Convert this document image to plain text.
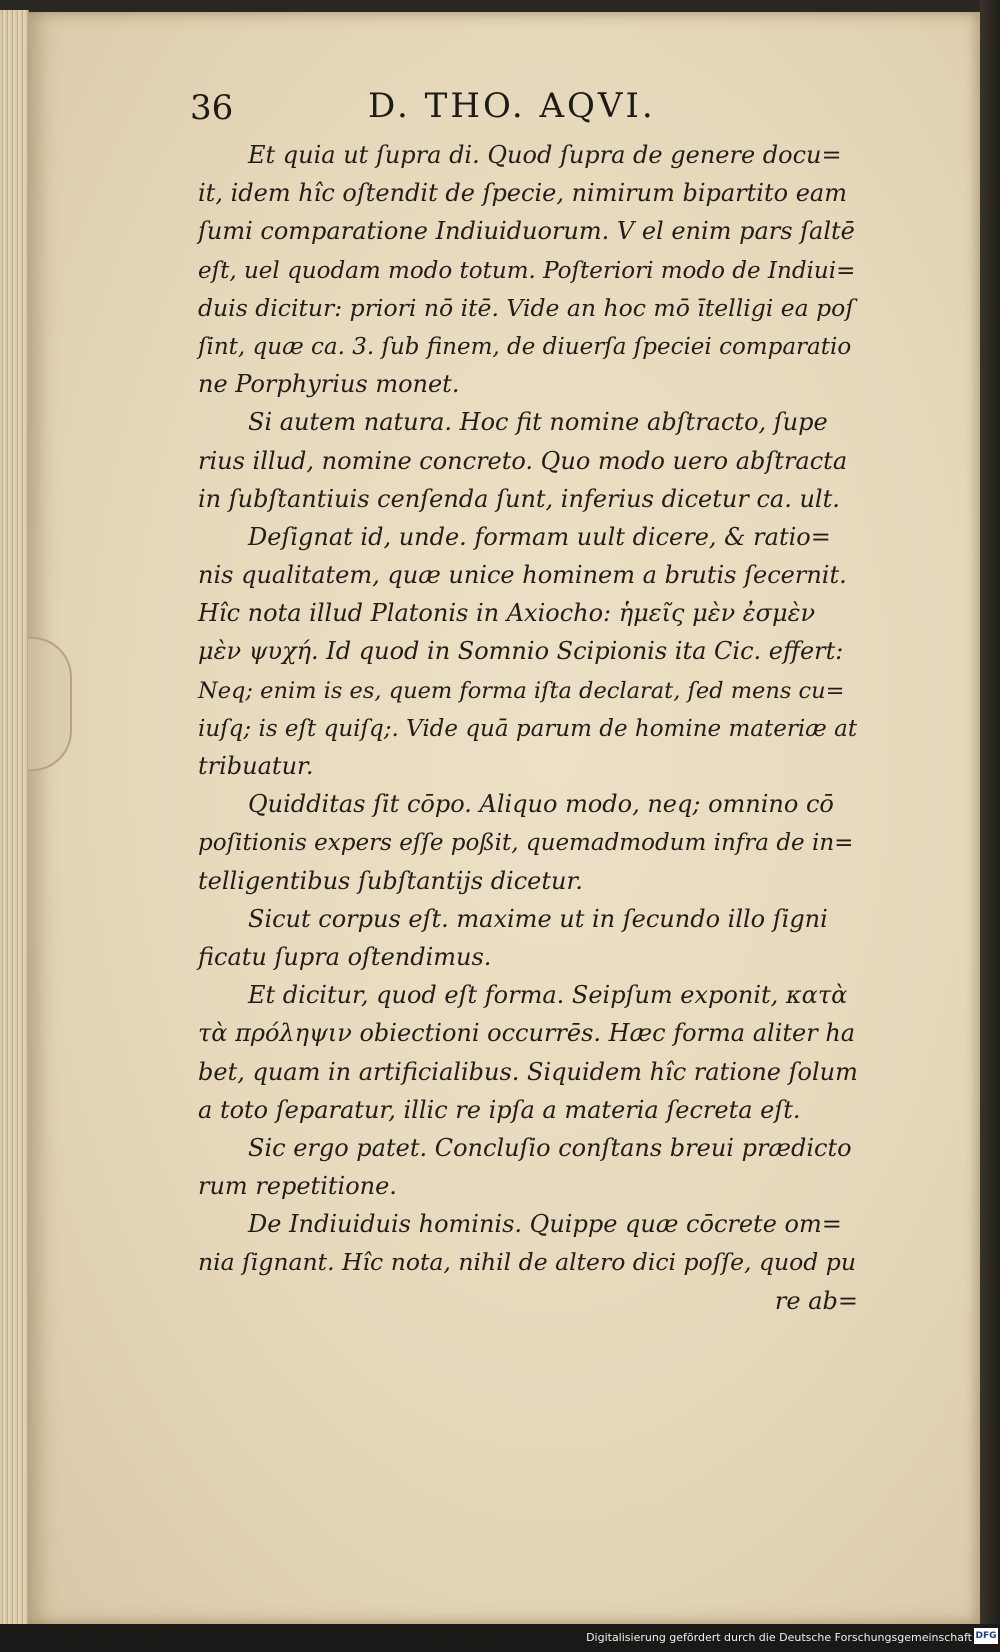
36	D. THO. AQVI.
Et quia ut ſupra di. Quod ſupra de genere docu=
it, idem hîc oſtendit de ſpecie, nimirum bipartito eam
ſumi comparatione Indiuiduorum. V el enim pars ſaltē
eſt, uel quodam modo totum. Poſteriori modo de Indiui=
duis dicitur: priori nō itē. Vide an hoc mō ītelligi ea poſ
ſint, quæ ca. 3. ſub finem, de diuerſa ſpeciei comparatio
ne Porphyrius monet.
Si autem natura. Hoc fit nomine abſtracto, ſupe
rius illud, nomine concreto. Quo modo uero abſtracta
in ſubſtantiuis cenſenda ſunt, inferius dicetur ca. ult.
Deſignat id, unde. formam uult dicere, & ratio=
nis qualitatem, quæ unice hominem a brutis ſecernit.
Hîc nota illud Platonis in Axiocho: ἡμεῖς μὲν ἐσμὲν
μὲν ψυχή. Id quod in Somnio Scipionis ita Cic. effert:
Neq; enim is es, quem forma iſta declarat, ſed mens cu=
iuſq; is eſt quiſq;. Vide quā parum de homine materiæ at
tribuatur.
Quidditas ſit cōpo. Aliquo modo, neq; omnino cō
poſitionis expers eſſe poßit, quemadmodum infra de in=
telligentibus ſubſtantijs dicetur.
Sicut corpus eſt. maxime ut in ſecundo illo ſigni
ficatu ſupra oſtendimus.
Et dicitur, quod eſt forma. Seipſum exponit, κατὰ
τὰ πρόληψιν obiectioni occurrēs. Hæc forma aliter ha
bet, quam in artificialibus. Siquidem hîc ratione ſolum
a toto ſeparatur, illic re ipſa a materia ſecreta eſt.
Sic ergo patet. Concluſio conſtans breui prædicto
rum repetitione.
De Indiuiduis hominis. Quippe quæ cōcrete om=
nia ſignant. Hîc nota, nihil de altero dici poſſe, quod pu
re ab=
Digitalisierung gefördert durch die Deutsche Forschungsgemeinschaft DFG
